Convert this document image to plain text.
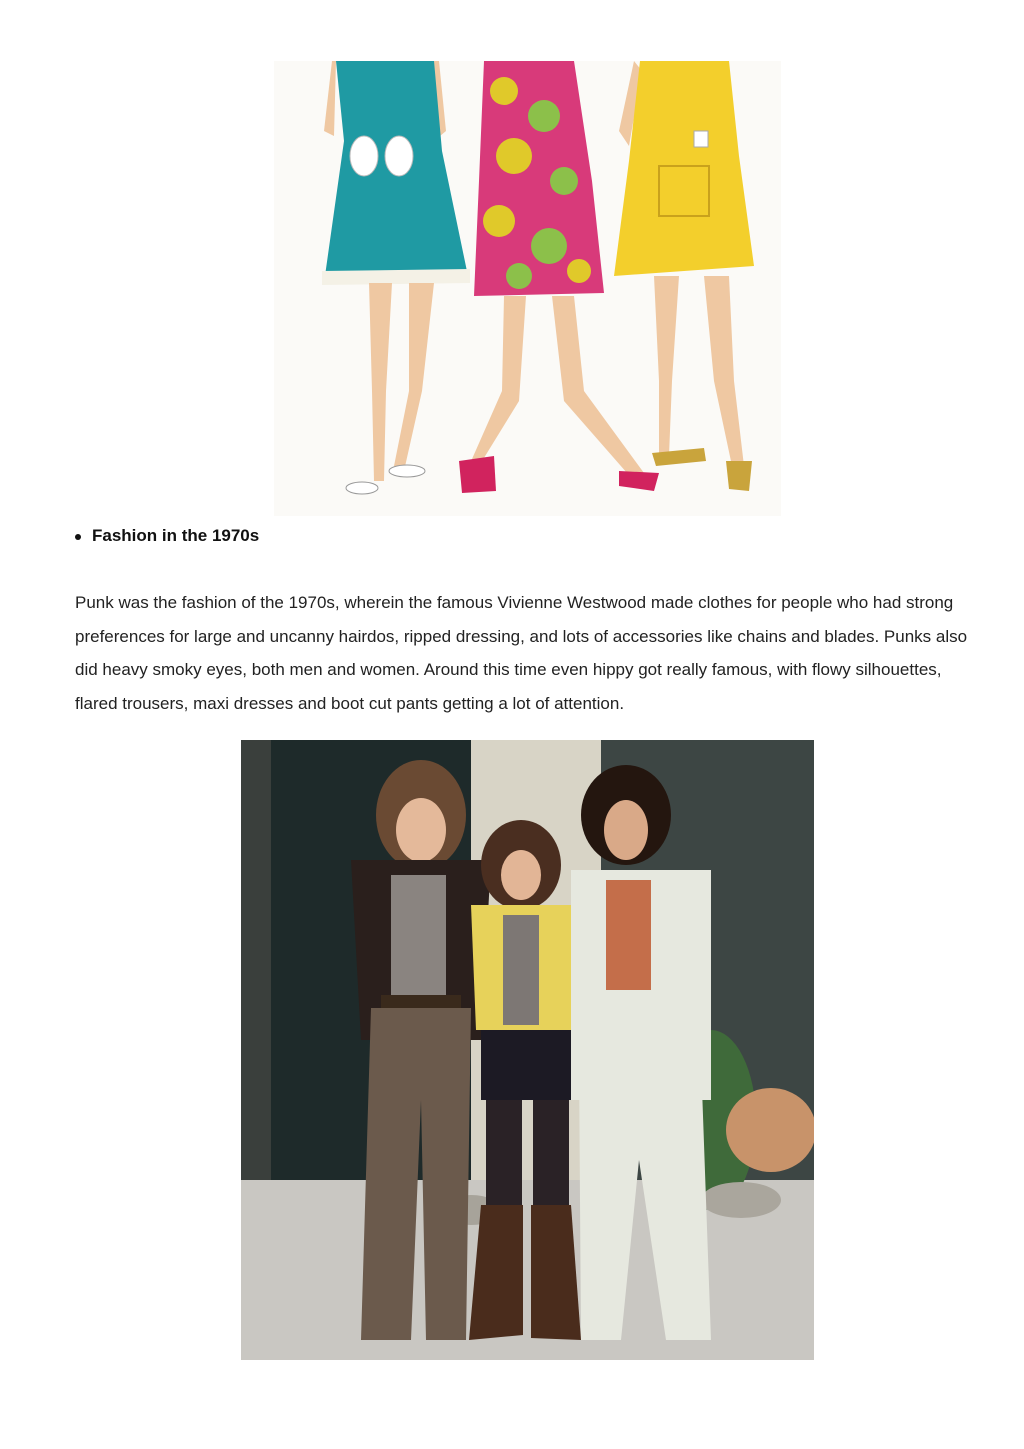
Fashion in the 1970s

Punk was the fashion of the 1970s, wherein the famous Vivienne Westwood made clothes for people who had strong preferences for large and uncanny hairdos, ripped dressing, and lots of accessories like chains and blades. Punks also did heavy smoky eyes, both men and women. Around this time even hippy got really famous, with flowy silhouettes, flared trousers, maxi dresses and boot cut pants getting a lot of attention.
